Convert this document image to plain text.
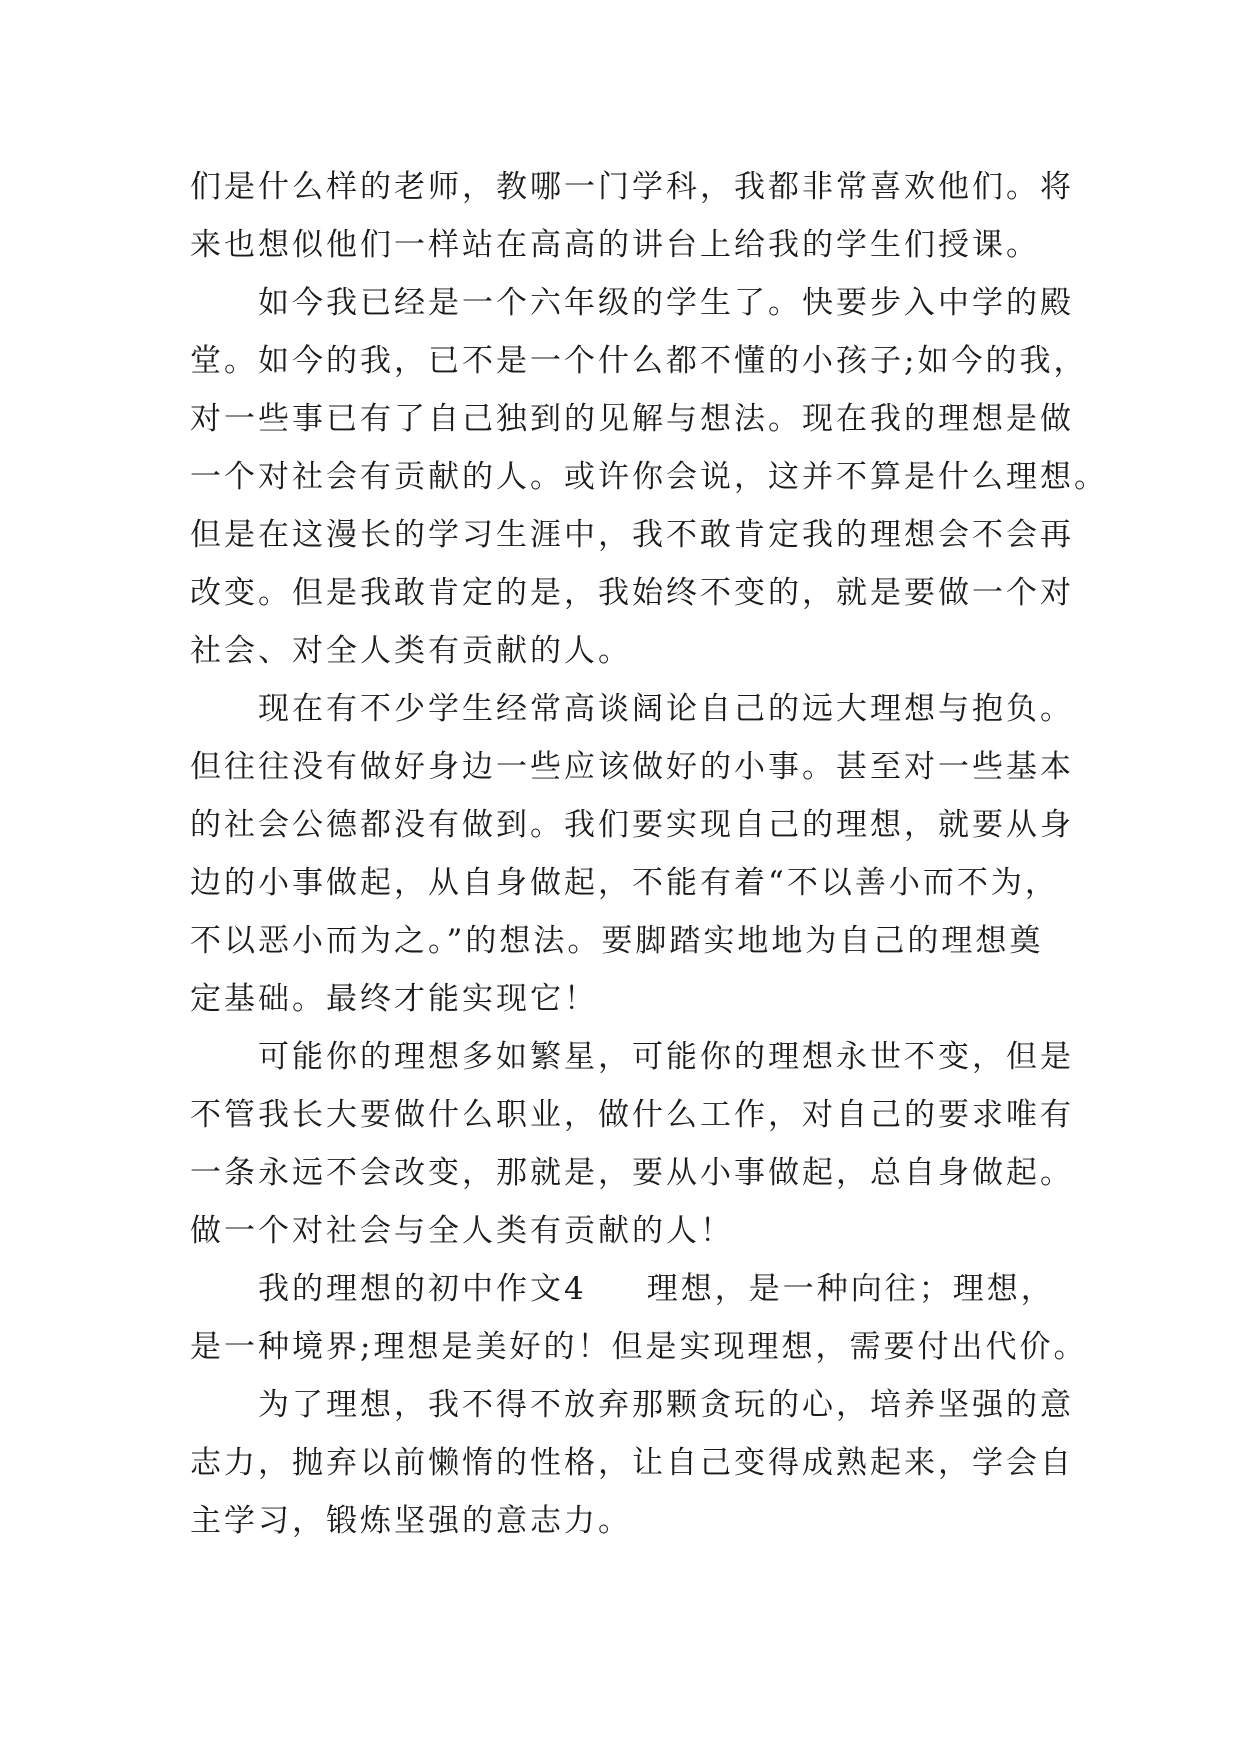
们是什么样的老师，教哪一门学科，我都非常喜欢他们。将
来也想似他们一样站在高高的讲台上给我的学生们授课。
如今我已经是一个六年级的学生了。快要步入中学的殿
堂。如今的我，已不是一个什么都不懂的小孩子;如今的我，
对一些事已有了自己独到的见解与想法。现在我的理想是做
一个对社会有贡献的人。或许你会说，这并不算是什么理想。
但是在这漫长的学习生涯中，我不敢肯定我的理想会不会再
改变。但是我敢肯定的是，我始终不变的，就是要做一个对
社会、对全人类有贡献的人。
现在有不少学生经常高谈阔论自己的远大理想与抱负。
但往往没有做好身边一些应该做好的小事。甚至对一些基本
的社会公德都没有做到。我们要实现自己的理想，就要从身
边的小事做起，从自身做起，不能有着“不以善小而不为，
不以恶小而为之。”的想法。要脚踏实地地为自己的理想奠
定基础。最终才能实现它！
可能你的理想多如繁星，可能你的理想永世不变，但是
不管我长大要做什么职业，做什么工作，对自己的要求唯有
一条永远不会改变，那就是，要从小事做起，总自身做起。
做一个对社会与全人类有贡献的人！
我的理想的初中作文4 理想，是一种向往；理想，
是一种境界;理想是美好的！但是实现理想，需要付出代价。
为了理想，我不得不放弃那颗贪玩的心，培养坚强的意
志力，抛弃以前懒惰的性格，让自己变得成熟起来，学会自
主学习，锻炼坚强的意志力。
